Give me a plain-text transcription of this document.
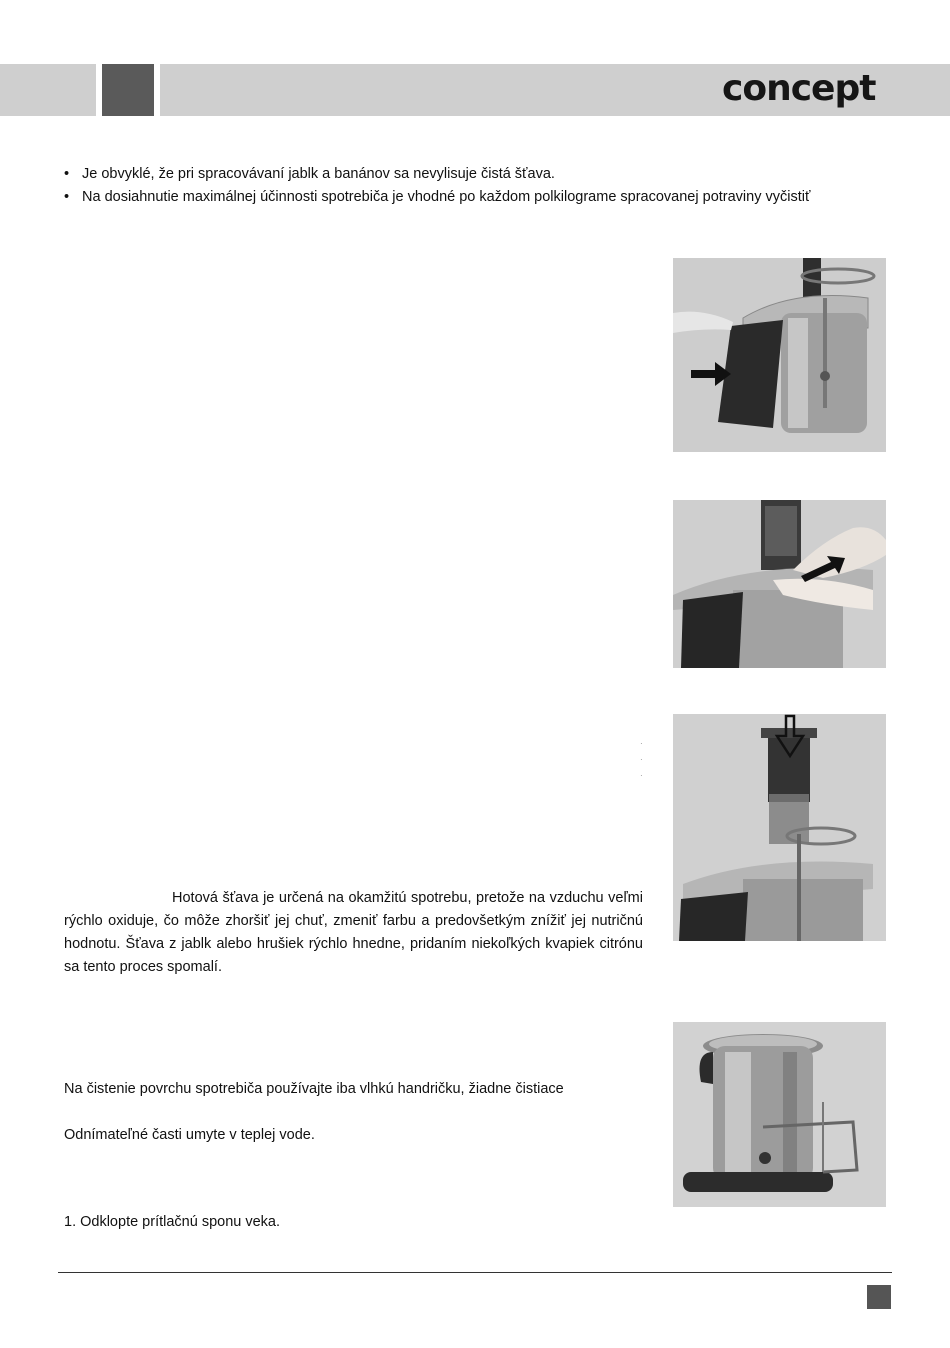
concept
• Je obvyklé, že pri spracovávaní jablk a banánov sa nevylisuje čistá šťava.
• Na dosiahnutie maximálnej účinnosti spotrebiča je vhodné po každom polkilograme spracovanej potraviny vyčistiť
·
·
·

Hotová šťava je určená na okamžitú spotrebu, pretože na vzduchu veľmi rýchlo oxiduje, čo môže zhoršiť jej chuť, zmeniť farbu a predovšetkým znížiť jej nutričnú hodnotu. Šťava z jablk alebo hrušiek rýchlo hnedne, pridaním niekoľkých kvapiek citrónu sa tento proces spomalí.

Na čistenie povrchu spotrebiča používajte iba vlhkú handričku, žiadne čistiace

Odnímateľné časti umyte v teplej vode.

1. Odklopte prítlačnú sponu veka.
